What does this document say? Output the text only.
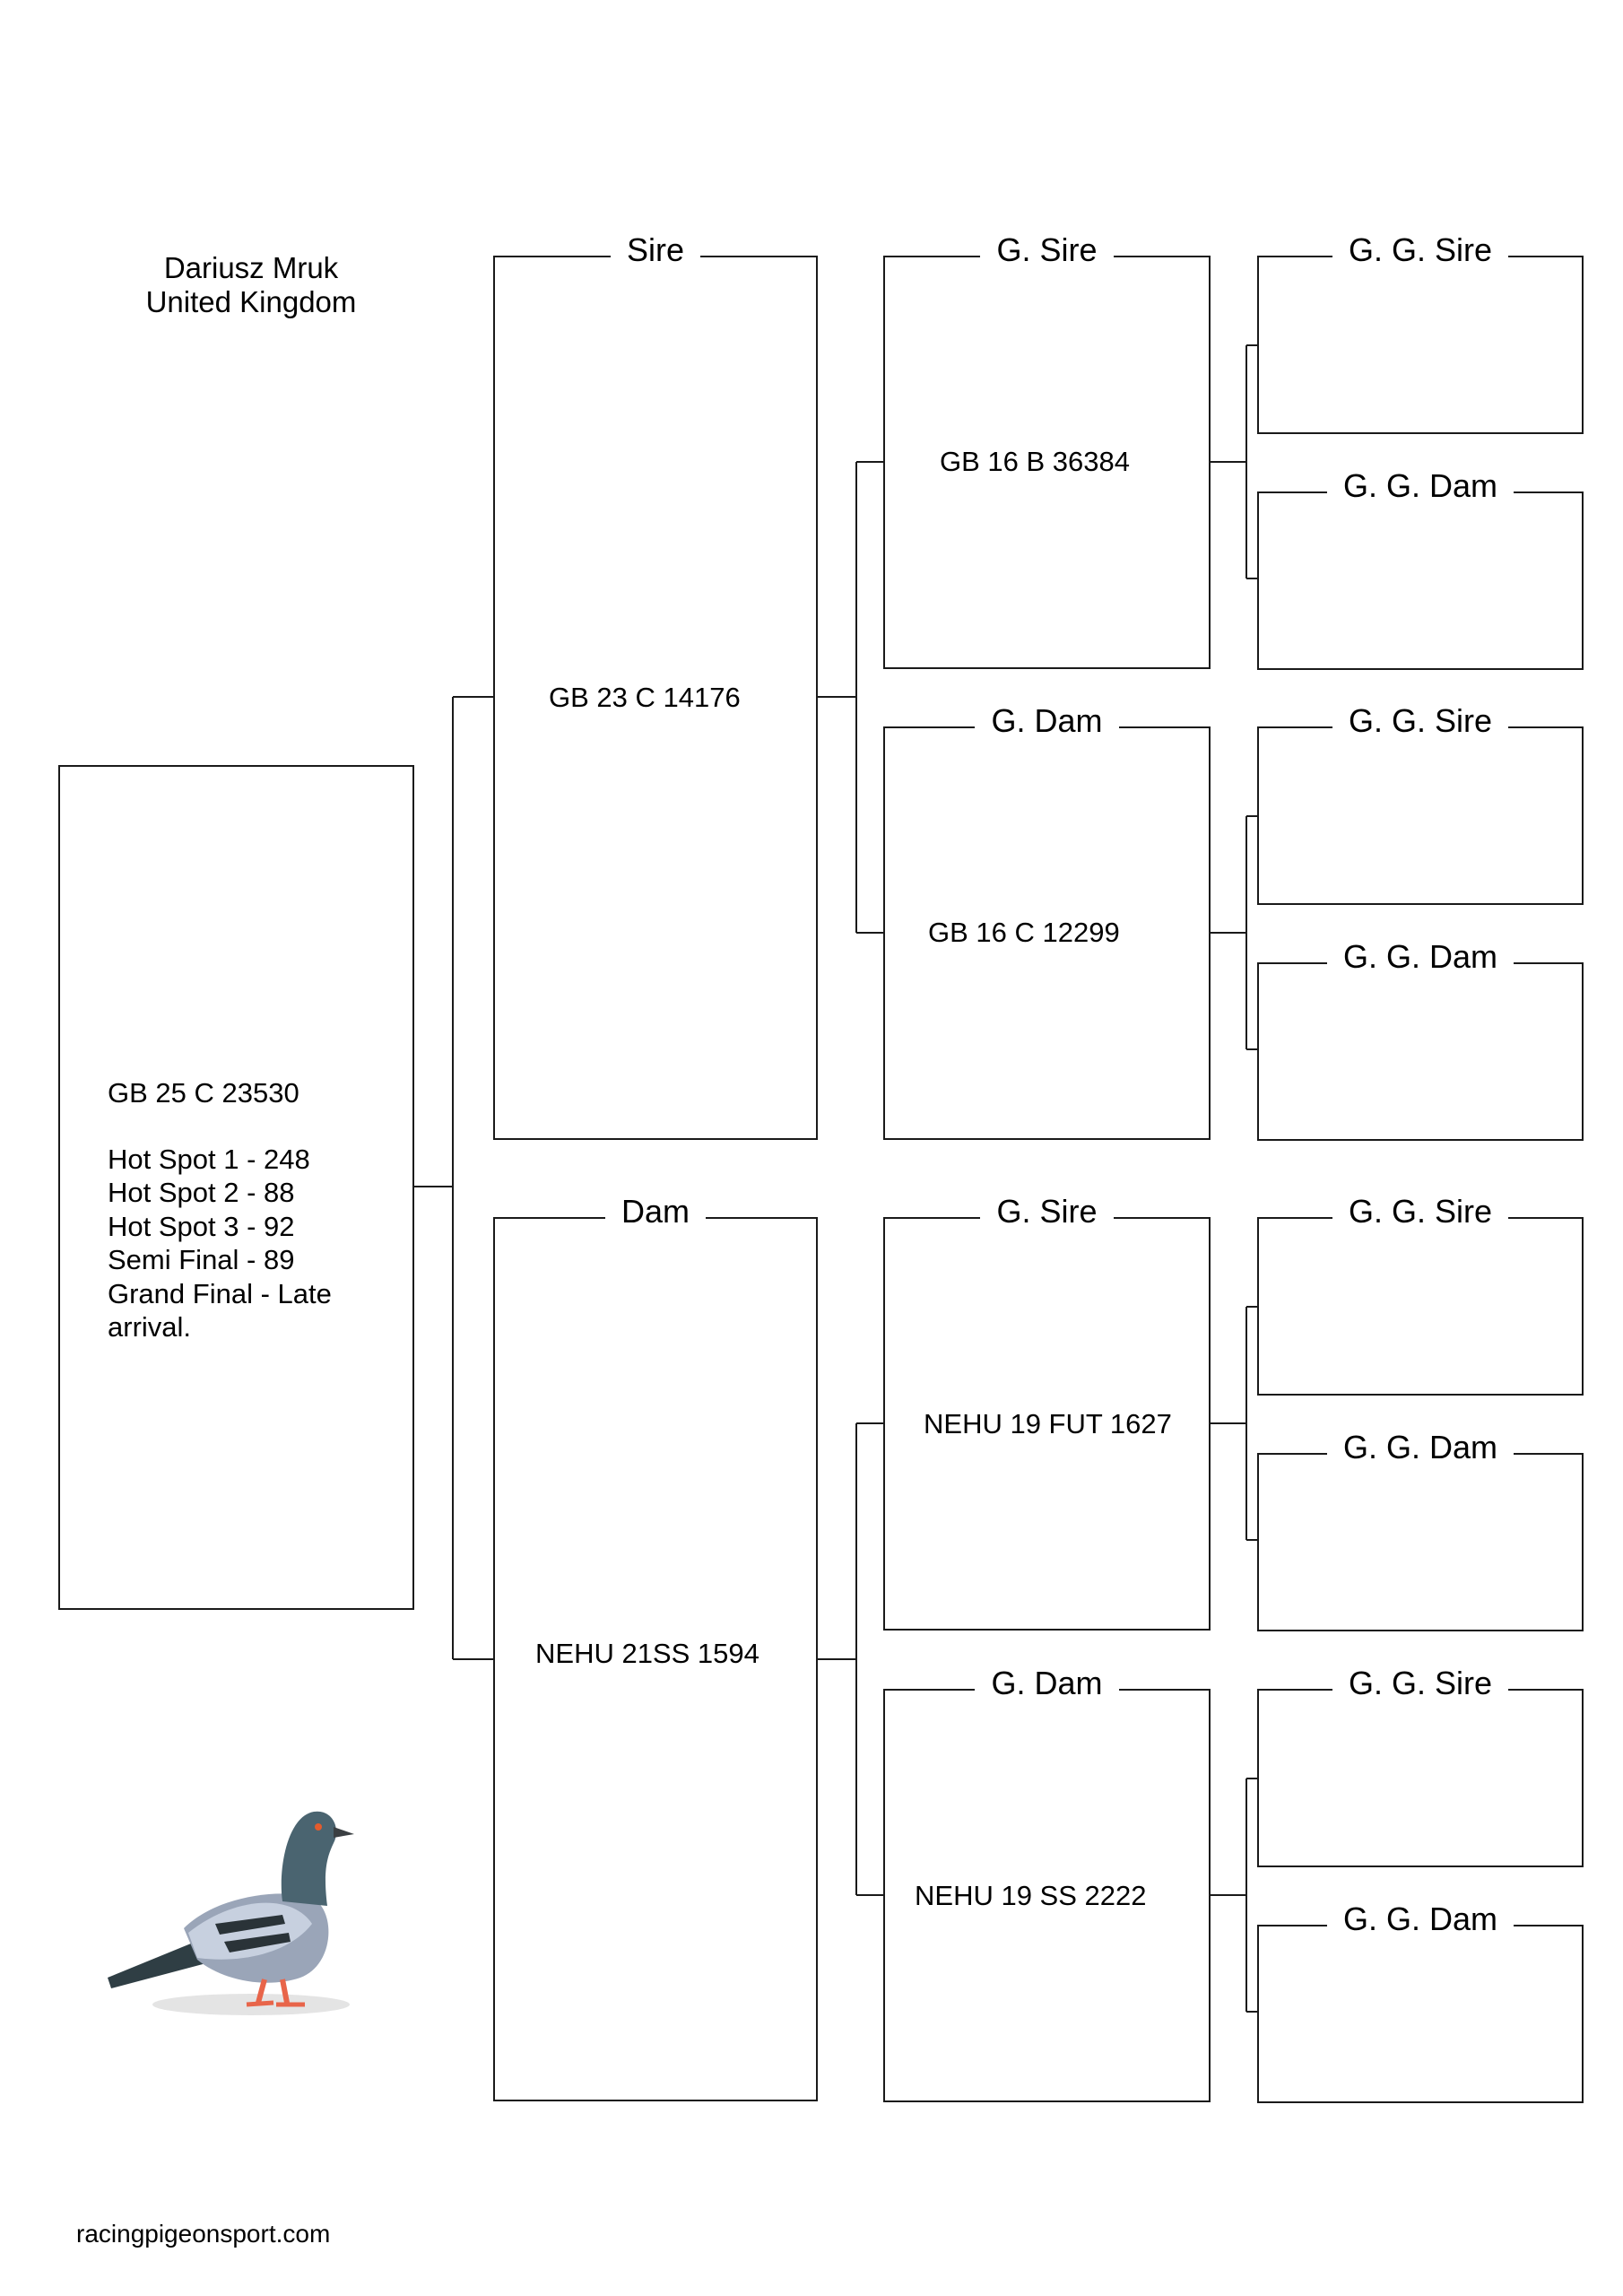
Dariusz Mruk
United Kingdom
GB 25 C 23530
Hot Spot 1 - 248
Hot Spot 2 - 88
Hot Spot 3 - 92
Semi Final - 89
Grand Final - Late
arrival.
Sire
GB 23 C 14176
Dam
NEHU 21SS 1594
G. Sire
GB 16 B 36384
G. Dam
GB 16 C 12299
G. Sire
NEHU 19 FUT 1627
G. Dam
NEHU 19 SS 2222
G. G. Sire
G. G. Dam
G. G. Sire
G. G. Dam
G. G. Sire
G. G. Dam
G. G. Sire
G. G. Dam
racingpigeonsport.com
